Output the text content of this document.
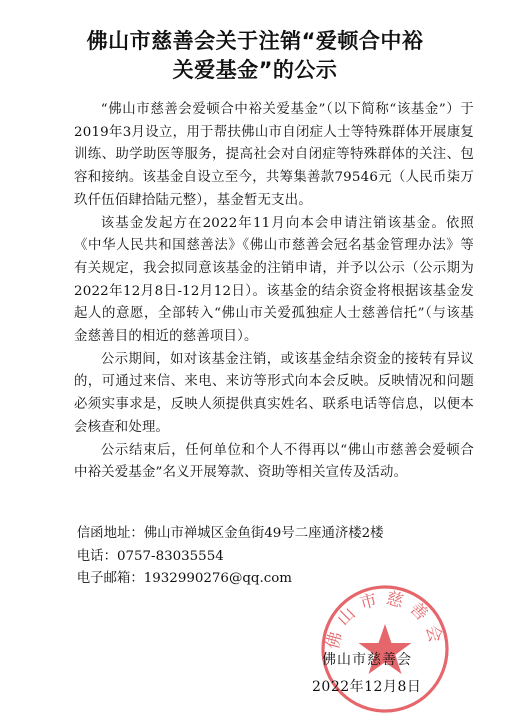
佛山市慈善会关于注销“爱顿合中裕
关爱基金”的公示

“佛山市慈善会爱顿合中裕关爱基金”（以下简称“该基金”）于2019年3月设立，用于帮扶佛山市自闭症人士等特殊群体开展康复训练、助学助医等服务，提高社会对自闭症等特殊群体的关注、包容和接纳。该基金自设立至今，共筹集善款79546元（人民币柒万玖仟伍佰肆拾陆元整），基金暂无支出。

该基金发起方在2022年11月向本会申请注销该基金。依照《中华人民共和国慈善法》《佛山市慈善会冠名基金管理办法》等有关规定，我会拟同意该基金的注销申请，并予以公示（公示期为2022年12月8日-12月12日）。该基金的结余资金将根据该基金发起人的意愿，全部转入“佛山市关爱孤独症人士慈善信托”（与该基金慈善目的相近的慈善项目）。

公示期间，如对该基金注销，或该基金结余资金的接转有异议的，可通过来信、来电、来访等形式向本会反映。反映情况和问题必须实事求是，反映人须提供真实姓名、联系电话等信息，以便本会核查和处理。

公示结束后，任何单位和个人不得再以“佛山市慈善会爱顿合中裕关爱基金”名义开展筹款、资助等相关宣传及活动。

信函地址：佛山市禅城区金鱼街49号二座通济楼2楼
电话：0757-83035554
电子邮箱：1932990276@qq.com
佛山市慈善会
佛山市慈善会
2022年12月8日
